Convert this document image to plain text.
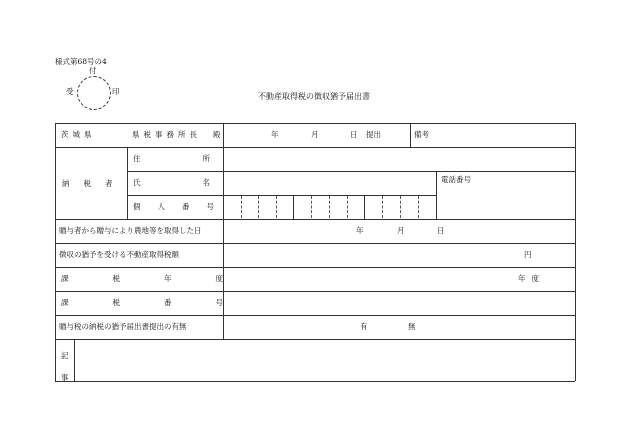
様式第68号の4
付
受	印
不動産取得税の徴収猶予届出書
茨城県	県税事務所長 殿	年	月	日 提出	備考
納税者
住所
氏名
個人番号
電話番号
贈与者から贈与により農地等を取得した日	年	月	日
徴収の猶予を受ける不動産取得税額	円
課税年度	年度
課税番号
贈与税の納税の猶予届出書提出の有無	有	無
記事
